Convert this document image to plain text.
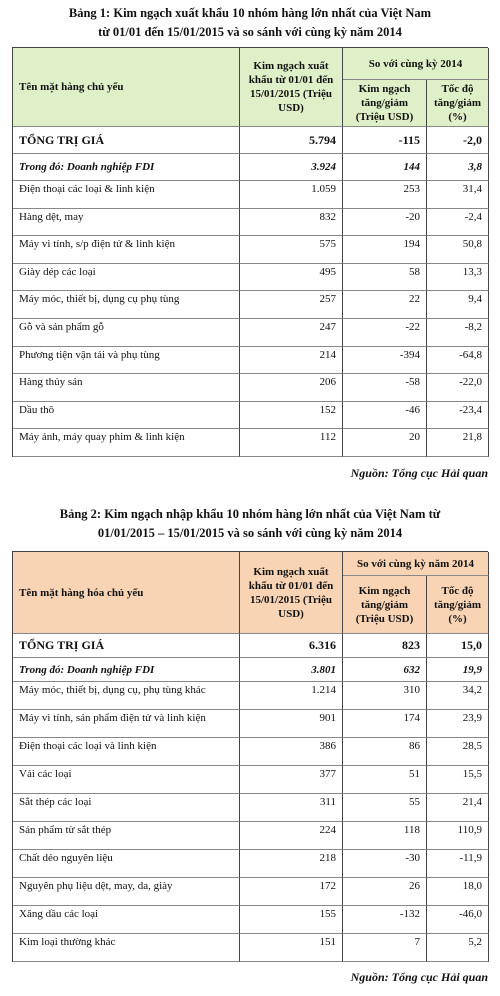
Bảng 1: Kim ngạch xuất khẩu 10 nhóm hàng lớn nhất của Việt Nam
từ 01/01 đến 15/01/2015 và so sánh với cùng kỳ năm 2014
Tên mặt hàng chủ yếu
Kim ngạch xuất khẩu từ 01/01 đến 15/01/2015 (Triệu USD)
So với cùng kỳ 2014
Kim ngạch tăng/giảm (Triệu USD)
Tốc độ tăng/giảm (%)
TỔNG TRỊ GIÁ	5.794	-115	-2,0
Trong đó: Doanh nghiệp FDI	3.924	144	3,8
Điện thoại các loại & linh kiện	1.059	253	31,4
Hàng dệt, may	832	-20	-2,4
Máy vi tính, s/p điện tử & linh kiện	575	194	50,8
Giày dép các loại	495	58	13,3
Máy móc, thiết bị, dụng cụ phụ tùng	257	22	9,4
Gỗ và sản phẩm gỗ	247	-22	-8,2
Phương tiện vận tải và phụ tùng	214	-394	-64,8
Hàng thủy sản	206	-58	-22,0
Dầu thô	152	-46	-23,4
Máy ảnh, máy quay phim & linh kiện	112	20	21,8
Nguồn: Tổng cục Hải quan
Bảng 2: Kim ngạch nhập khẩu 10 nhóm hàng lớn nhất của Việt Nam từ
01/01/2015 – 15/01/2015 và so sánh với cùng kỳ năm 2014
Tên mặt hàng hóa chủ yếu
Kim ngạch xuất khẩu từ 01/01 đến 15/01/2015 (Triệu USD)
So với cùng kỳ năm 2014
Kim ngạch tăng/giảm (Triệu USD)
Tốc độ tăng/giảm (%)
TỔNG TRỊ GIÁ	6.316	823	15,0
Trong đó: Doanh nghiệp FDI	3.801	632	19,9
Máy móc, thiết bị, dụng cụ, phụ tùng khác	1.214	310	34,2
Máy vi tính, sản phẩm điện tử và linh kiện	901	174	23,9
Điện thoại các loại và linh kiện	386	86	28,5
Vải các loại	377	51	15,5
Sắt thép các loại	311	55	21,4
Sản phẩm từ sắt thép	224	118	110,9
Chất dẻo nguyên liệu	218	-30	-11,9
Nguyên phụ liệu dệt, may, da, giày	172	26	18,0
Xăng dầu các loại	155	-132	-46,0
Kim loại thường khác	151	7	5,2
Nguồn: Tổng cục Hải quan
